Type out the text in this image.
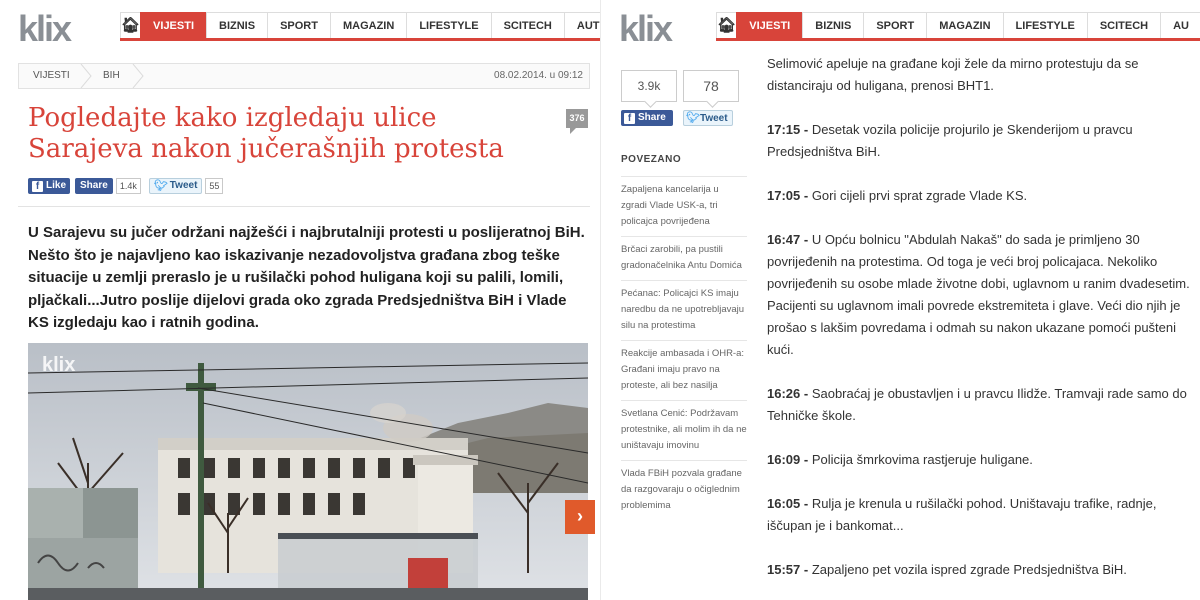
klix	🏠︎	VIJESTI	BIZNIS	SPORT	MAGAZIN	LIFESTYLE	SCITECH	AUT
VIJESTI	BIH	08.02.2014. u 09:12
Pogledajte kako izgledaju ulice
Sarajeva nakon jučerašnjih protesta
376
f Like	Share	1.4k	🐦︎ Tweet	55

U Sarajevu su jučer održani najžešći i najbrutalniji protesti u poslijeratnoj BiH. Nešto što je najavljeno kao iskazivanje nezadovoljstva građana zbog teške situacije u zemlji preraslo je u rušilački pohod huligana koji su palili, lomili, pljačkali...Jutro poslije dijelovi grada oko zgrada Predsjedništva BiH i Vlade KS izgledaju kao i ratnih godina.

klix
›
klix	🏠︎	VIJESTI	BIZNIS	SPORT	MAGAZIN	LIFESTYLE	SCITECH	AU
3.9k	78
f Share 🐦︎Tweet
POVEZANO
Zapaljena kancelarija u zgradi Vlade USK-a, tri policajca povrijeđena
Brčaci zarobili, pa pustili gradonačelnika Antu Domića
Pećanac: Policajci KS imaju naredbu da ne upotrebljavaju silu na protestima
Reakcije ambasada i OHR-a: Građani imaju pravo na proteste, ali bez nasilja
Svetlana Cenić: Podržavam protestnike, ali molim ih da ne uništavaju imovinu
Vlada FBiH pozvala građane da razgovaraju o očiglednim problemima

Selimović apeluje na građane koji žele da mirno protestuju da se distanciraju od huligana, prenosi BHT1.

17:15 - Desetak vozila policije projurilo je Skenderijom u pravcu Predsjedništva BiH.

17:05 - Gori cijeli prvi sprat zgrade Vlade KS.

16:47 - U Opću bolnicu "Abdulah Nakaš" do sada je primljeno 30 povrijeđenih na protestima. Od toga je veći broj policajaca. Nekoliko povrijeđenih su osobe mlade životne dobi, uglavnom u ranim dvadesetim. Pacijenti su uglavnom imali povrede ekstremiteta i glave. Veći dio njih je prošao s lakšim povredama i odmah su nakon ukazane pomoći pušteni kući.

16:26 - Saobraćaj je obustavljen i u pravcu Ilidže. Tramvaji rade samo do Tehničke škole.

16:09 - Policija šmrkovima rastjeruje huligane.

16:05 - Rulja je krenula u rušilački pohod. Uništavaju trafike, radnje, iščupan je i bankomat...

15:57 - Zapaljeno pet vozila ispred zgrade Predsjedništva BiH.
